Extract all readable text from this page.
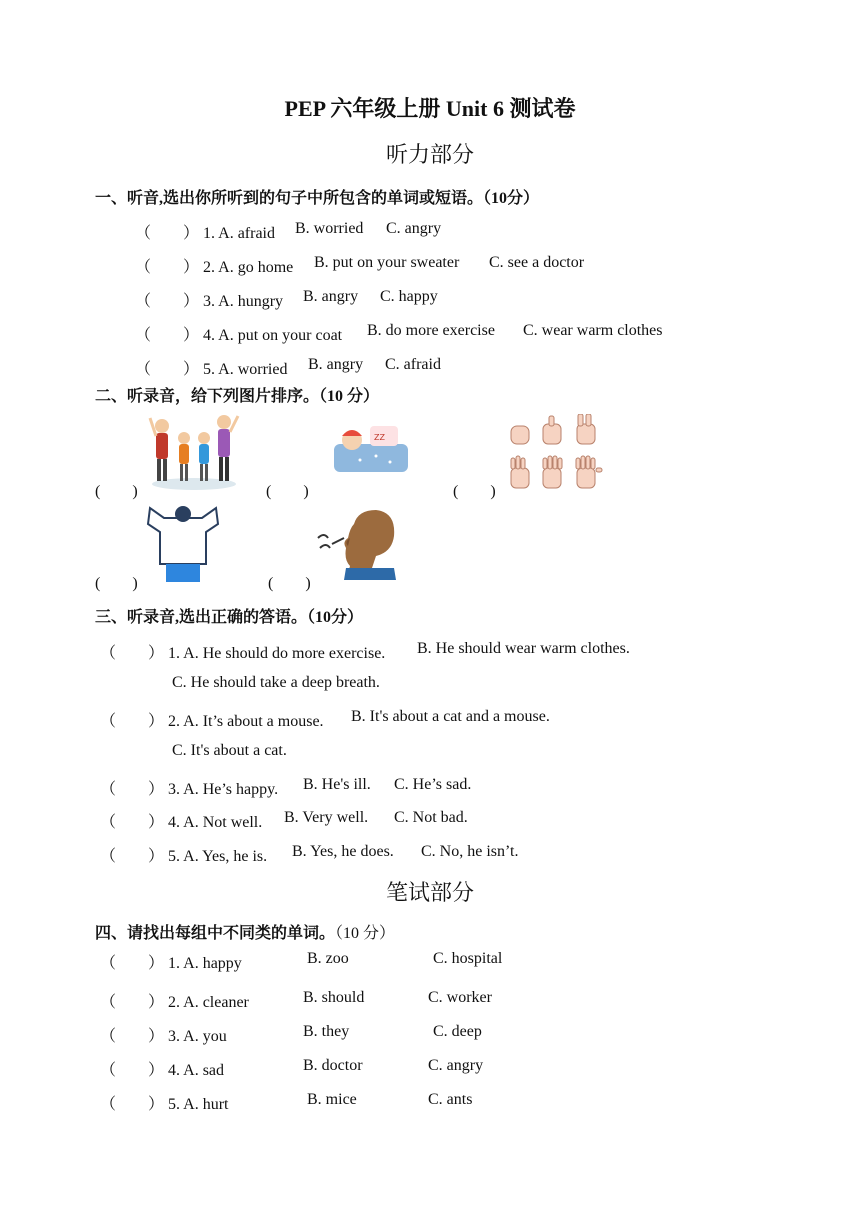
PEP 六年级上册 Unit 6 测试卷
听力部分
一、听音,选出你所听到的句子中所包含的单词或短语。（10分）
（　　） 1. A. afraid B. worried C. angry
（　　） 2. A. go home B. put on your sweater C. see a doctor
（　　） 3. A. hungry B. angry C. happy
（　　） 4. A. put on your coat B. do more exercise C. wear warm clothes
（　　） 5. A. worried B. angry C. afraid
二、听录音，给下列图片排序。（10 分）
(　　)	(　　)
ZZ
(　　)
(　　)	(　　)
三、听录音,选出正确的答语。（10分）
（　　） 1. A. He should do more exercise. B. He should wear warm clothes.
C. He should take a deep breath.
（　　） 2. A. It’s about a mouse. B. It's about a cat and a mouse.
C. It's about a cat.
（　　） 3. A. He’s happy. B. He's ill. C. He’s sad.
（　　） 4. A. Not well. B. Very well. C. Not bad.
（　　） 5. A. Yes, he is. B. Yes, he does. C. No, he isn’t.
笔试部分
四、请找出每组中不同类的单词。（10 分）
（　　） 1. A. happy	B. zoo	C. hospital
（　　） 2. A. cleaner	B. should	C. worker
（　　） 3. A. you	B. they	C. deep
（　　） 4. A. sad	B. doctor	C. angry
（　　） 5. A. hurt	B. mice	C. ants
